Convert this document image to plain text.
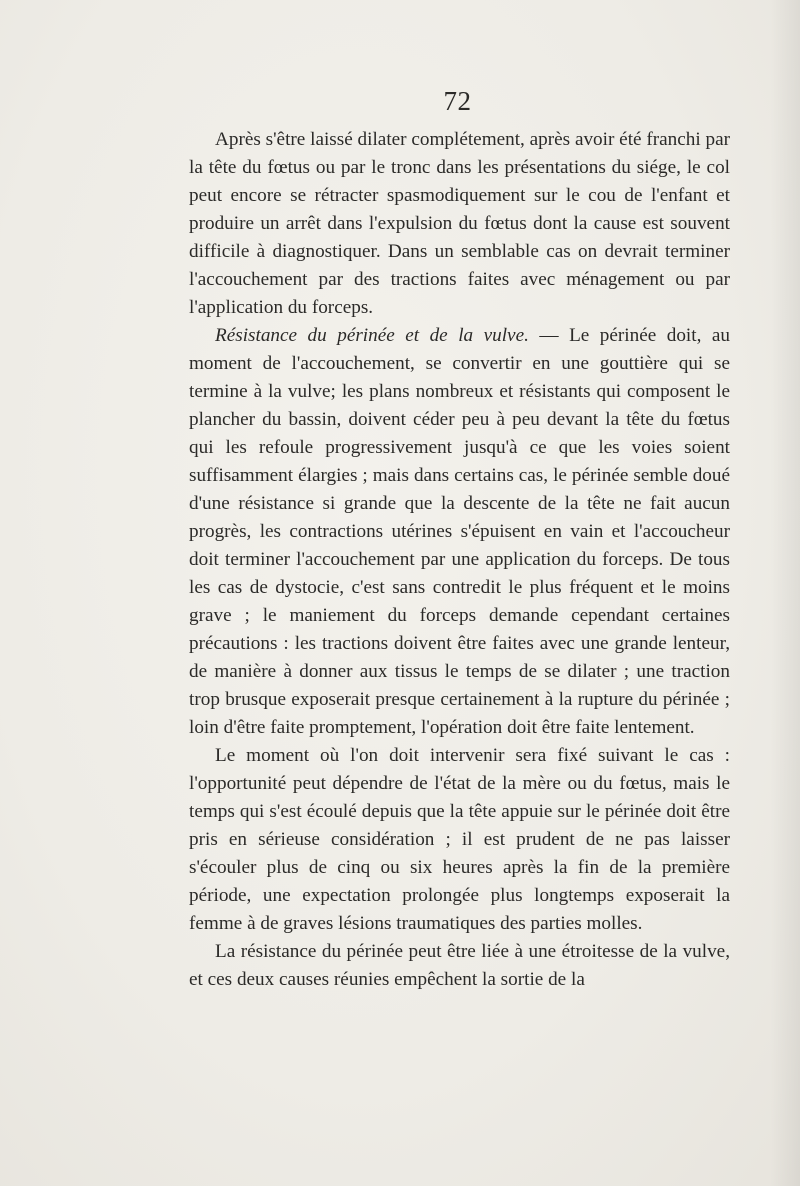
72

Après s'être laissé dilater complétement, après avoir été franchi par la tête du fœtus ou par le tronc dans les présentations du siége, le col peut encore se rétracter spasmodiquement sur le cou de l'enfant et produire un arrêt dans l'expulsion du fœtus dont la cause est souvent difficile à diagnostiquer. Dans un semblable cas on devrait terminer l'accouchement par des tractions faites avec ménagement ou par l'application du forceps.

Résistance du périnée et de la vulve. — Le périnée doit, au moment de l'accouchement, se convertir en une gouttière qui se termine à la vulve; les plans nombreux et résistants qui composent le plancher du bassin, doivent céder peu à peu devant la tête du fœtus qui les refoule progressivement jusqu'à ce que les voies soient suffisamment élargies ; mais dans certains cas, le périnée semble doué d'une résistance si grande que la descente de la tête ne fait aucun progrès, les contractions utérines s'épuisent en vain et l'accoucheur doit terminer l'accouchement par une application du forceps. De tous les cas de dystocie, c'est sans contredit le plus fréquent et le moins grave ; le maniement du forceps demande cependant certaines précautions : les tractions doivent être faites avec une grande lenteur, de manière à donner aux tissus le temps de se dilater ; une traction trop brusque exposerait presque certainement à la rupture du périnée ; loin d'être faite promptement, l'opération doit être faite lentement.

Le moment où l'on doit intervenir sera fixé suivant le cas : l'opportunité peut dépendre de l'état de la mère ou du fœtus, mais le temps qui s'est écoulé depuis que la tête appuie sur le périnée doit être pris en sérieuse considération ; il est prudent de ne pas laisser s'écouler plus de cinq ou six heures après la fin de la première période, une expectation prolongée plus longtemps exposerait la femme à de graves lésions traumatiques des parties molles.

La résistance du périnée peut être liée à une étroitesse de la vulve, et ces deux causes réunies empêchent la sortie de la
